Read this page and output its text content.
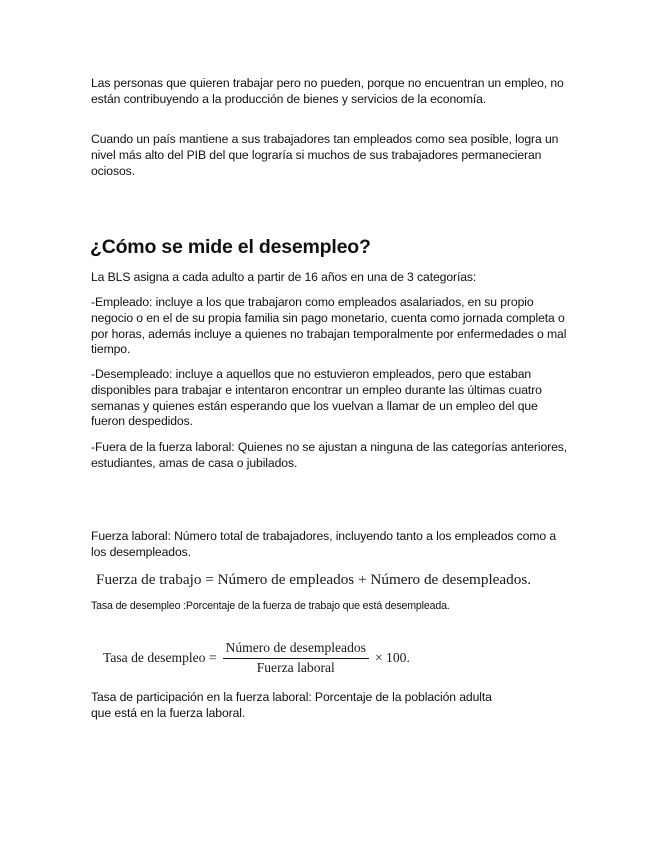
Las personas que quieren trabajar pero no pueden, porque no encuentran un empleo, no están contribuyendo a la producción de bienes y servicios de la economía.

Cuando un país mantiene a sus trabajadores tan empleados como sea posible, logra un nivel más alto del PIB del que lograría si muchos de sus trabajadores permanecieran ociosos.

¿Cómo se mide el desempleo?

La BLS asigna a cada adulto a partir de 16 años en una de 3 categorías:

-Empleado: incluye a los que trabajaron como empleados asalariados, en su propio negocio o en el de su propia familia sin pago monetario, cuenta como jornada completa o por horas, además incluye a quienes no trabajan temporalmente por enfermedades o mal tiempo.

-Desempleado: incluye a aquellos que no estuvieron empleados, pero que estaban disponibles para trabajar e intentaron encontrar un empleo durante las últimas cuatro semanas y quienes están esperando que los vuelvan a llamar de un empleo del que fueron despedidos.

-Fuera de la fuerza laboral: Quienes no se ajustan a ninguna de las categorías anteriores, estudiantes, amas de casa o jubilados.

Fuerza laboral: Número total de trabajadores, incluyendo tanto a los empleados como a los desempleados.

Fuerza de trabajo = Número de empleados + Número de desempleados.
Tasa de desempleo :Porcentaje de la fuerza de trabajo que está desempleada.
Tasa de desempleo = $\frac{\text{Número de desempleados}}{\text{Fuerza laboral}} \times 100$.

Tasa de participación en la fuerza laboral: Porcentaje de la población adulta que está en la fuerza laboral.
